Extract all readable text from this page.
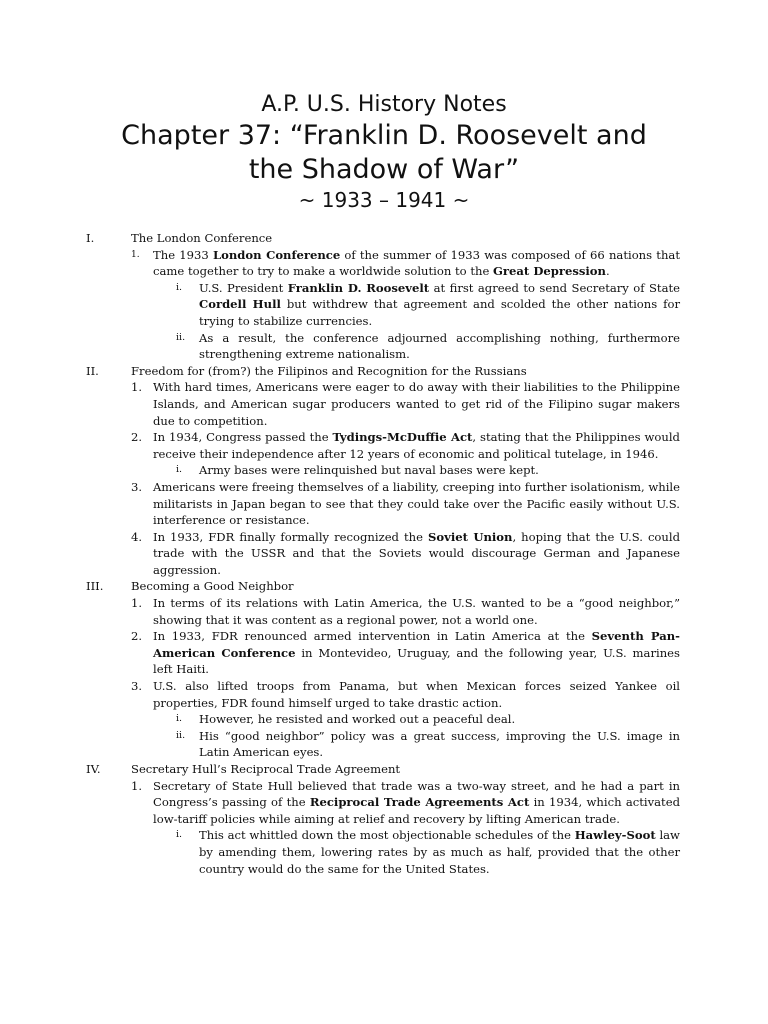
A.P. U.S. History Notes
Chapter 37: “Franklin D. Roosevelt and
the Shadow of War”
~ 1933 – 1941 ~
I.	The London Conference
1. The 1933 London Conference of the summer of 1933 was composed of 66 nations that came together to try to make a worldwide solution to the Great Depression.
i. U.S. President Franklin D. Roosevelt at first agreed to send Secretary of State Cordell Hull but withdrew that agreement and scolded the other nations for trying to stabilize currencies.
ii. As a result, the conference adjourned accomplishing nothing, furthermore strengthening extreme nationalism.
II.	Freedom for (from?) the Filipinos and Recognition for the Russians
1. With hard times, Americans were eager to do away with their liabilities to the Philippine Islands, and American sugar producers wanted to get rid of the Filipino sugar makers due to competition.
2. In 1934, Congress passed the Tydings-McDuffie Act, stating that the Philippines would receive their independence after 12 years of economic and political tutelage, in 1946.
i. Army bases were relinquished but naval bases were kept.
3. Americans were freeing themselves of a liability, creeping into further isolationism, while militarists in Japan began to see that they could take over the Pacific easily without U.S. interference or resistance.
4. In 1933, FDR finally formally recognized the Soviet Union, hoping that the U.S. could trade with the USSR and that the Soviets would discourage German and Japanese aggression.
III. Becoming a Good Neighbor
1. In terms of its relations with Latin America, the U.S. wanted to be a “good neighbor,” showing that it was content as a regional power, not a world one.
2. In 1933, FDR renounced armed intervention in Latin America at the Seventh Pan-American Conference in Montevideo, Uruguay, and the following year, U.S. marines left Haiti.
3. U.S. also lifted troops from Panama, but when Mexican forces seized Yankee oil properties, FDR found himself urged to take drastic action.
i. However, he resisted and worked out a peaceful deal.
ii. His “good neighbor” policy was a great success, improving the U.S. image in Latin American eyes.
IV.	Secretary Hull’s Reciprocal Trade Agreement
1. Secretary of State Hull believed that trade was a two-way street, and he had a part in Congress’s passing of the Reciprocal Trade Agreements Act in 1934, which activated low-tariff policies while aiming at relief and recovery by lifting American trade.
i. This act whittled down the most objectionable schedules of the Hawley-Soot law by amending them, lowering rates by as much as half, provided that the other country would do the same for the United States.
